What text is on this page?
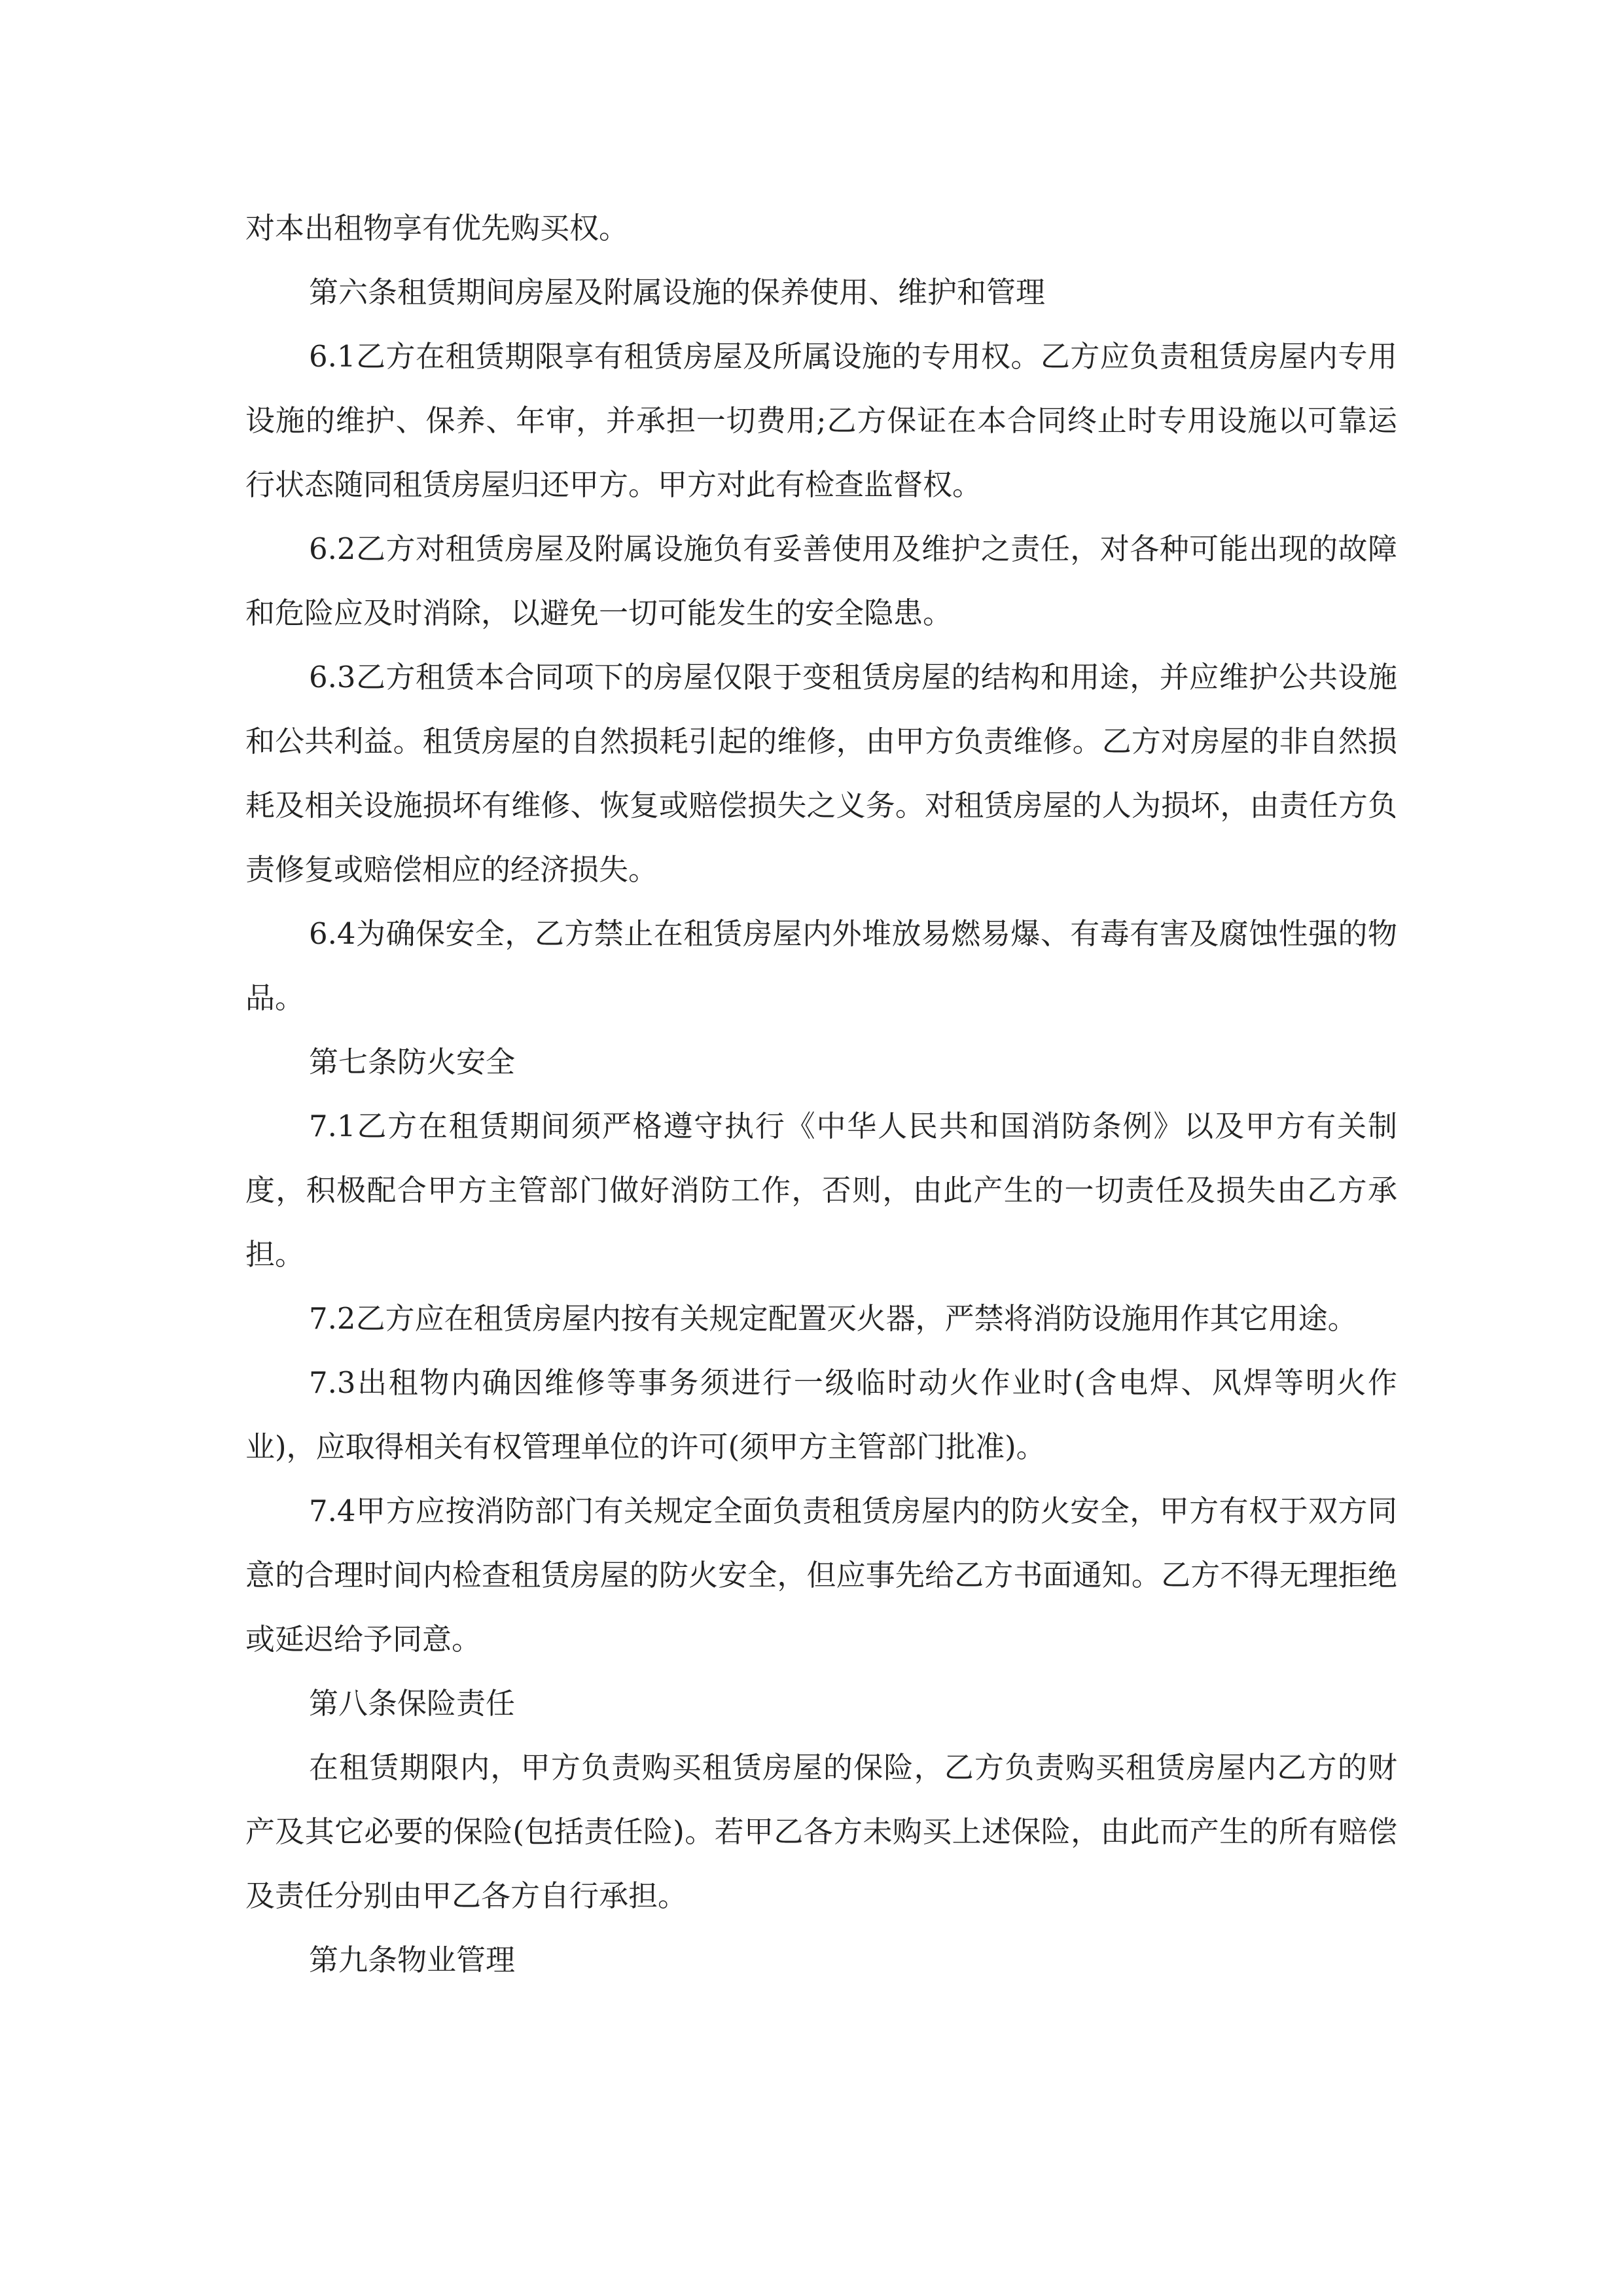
对本出租物享有优先购买权。

第六条租赁期间房屋及附属设施的保养使用、维护和管理

6.1乙方在租赁期限享有租赁房屋及所属设施的专用权。乙方应负责租赁房屋内专用设施的维护、保养、年审，并承担一切费用;乙方保证在本合同终止时专用设施以可靠运行状态随同租赁房屋归还甲方。甲方对此有检查监督权。

6.2乙方对租赁房屋及附属设施负有妥善使用及维护之责任，对各种可能出现的故障和危险应及时消除，以避免一切可能发生的安全隐患。

6.3乙方租赁本合同项下的房屋仅限于变租赁房屋的结构和用途，并应维护公共设施和公共利益。租赁房屋的自然损耗引起的维修，由甲方负责维修。乙方对房屋的非自然损耗及相关设施损坏有维修、恢复或赔偿损失之义务。对租赁房屋的人为损坏，由责任方负责修复或赔偿相应的经济损失。

6.4为确保安全，乙方禁止在租赁房屋内外堆放易燃易爆、有毒有害及腐蚀性强的物品。

第七条防火安全

7.1乙方在租赁期间须严格遵守执行《中华人民共和国消防条例》以及甲方有关制度，积极配合甲方主管部门做好消防工作，否则，由此产生的一切责任及损失由乙方承担。

7.2乙方应在租赁房屋内按有关规定配置灭火器，严禁将消防设施用作其它用途。

7.3出租物内确因维修等事务须进行一级临时动火作业时(含电焊、风焊等明火作业)，应取得相关有权管理单位的许可(须甲方主管部门批准)。

7.4甲方应按消防部门有关规定全面负责租赁房屋内的防火安全，甲方有权于双方同意的合理时间内检查租赁房屋的防火安全，但应事先给乙方书面通知。乙方不得无理拒绝或延迟给予同意。

第八条保险责任

在租赁期限内，甲方负责购买租赁房屋的保险，乙方负责购买租赁房屋内乙方的财产及其它必要的保险(包括责任险)。若甲乙各方未购买上述保险，由此而产生的所有赔偿及责任分别由甲乙各方自行承担。

第九条物业管理
